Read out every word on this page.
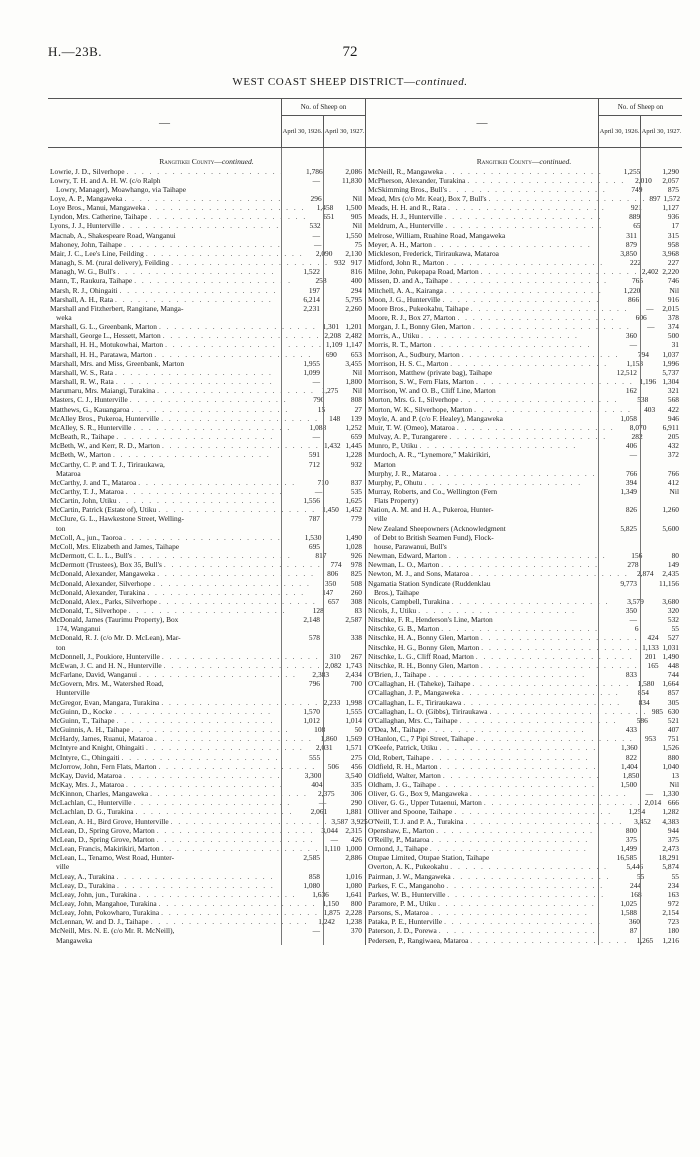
H.—23B.	72
WEST COAST SHEEP DISTRICT—continued.
—
No. of Sheep on
April 30, 1926. April 30, 1927.
Rangitikei County—continued.
Lowrie, J. D., Silverhope . . . . . . . . . . . . . . . . . . . . .	1,786	2,086
Lowry, T. H. and A. H. W. (c/o Ralph
Lowry, Manager), Moawhango, via Taihape
—	11,830
Loye, A. P., Mangaweka . . . . . . . . . . . . . . . . . . . . .	296	Nil
Loye Bros., Manui, Mangaweka . . . . . . . . . . . . . . . . . . . . .	1,458	1,500
Lyndon, Mrs. Catherine, Taihape . . . . . . . . . . . . . . . . . . . . .	651	905
Lyons, J. J., Hunterville . . . . . . . . . . . . . . . . . . . . .	532	Nil
Macnab, A., Shakespeare Road, Wanganui	—	1,550
Mahoney, John, Taihape . . . . . . . . . . . . . . . . . . . . .	—	75
Mair, J. C., Lee's Line, Feilding . . . . . . . . . . . . . . . . . . . . .	2,090	2,130
Managh, S. M. (rural delivery), Feilding . . . . . . . . . . . . . . . . . . . . . 932 917
Managh, W. G., Bull's . . . . . . . . . . . . . . . . . . . . .	1,522	816
Mann, T., Raukura, Taihape . . . . . . . . . . . . . . . . . . . . .	258	400
Marsh, R. J., Ohingaiti . . . . . . . . . . . . . . . . . . . . .	197	294
Marshall, A. H., Rata . . . . . . . . . . . . . . . . . . . . .	6,214	5,795
Marshall and Fitzherbert, Rangitane, Manga-
weka
2,231	2,260
Marshall, G. L., Greenbank, Marton . . . . . . . . . . . . . . . . . . . . . 1,301 1,201
Marshall, George L., Hessett, Marton . . . . . . . . . . . . . . . . . . . . . 2,208 2,482
Marshall, H. H., Motukowhai, Marton . . . . . . . . . . . . . . . . . . . . . 1,109 1,147
Marshall, H. H., Paratawa, Marton . . . . . . . . . . . . . . . . . . . . .	690	653
Marshall, Mrs. and Miss, Greenbank, Marton	1,955	3,455
Marshall, W. S., Rata . . . . . . . . . . . . . . . . . . . . .	1,099	Nil
Marshall, R. W., Rata . . . . . . . . . . . . . . . . . . . . .	—	1,800
Marumaru, Mrs. Maiangi, Turakina . . . . . . . . . . . . . . . . . . . . . 1,275	Nil
Masters, C. J., Hunterville . . . . . . . . . . . . . . . . . . . . .	790	808
Matthews, G., Kauangaroa . . . . . . . . . . . . . . . . . . . . .	15	27
McAlley Bros., Pukeroa, Hunterville . . . . . . . . . . . . . . . . . . . . .	148	139
McAlley, S. R., Hunterville . . . . . . . . . . . . . . . . . . . . .	1,088	1,252
McBeath, R., Taihape . . . . . . . . . . . . . . . . . . . . .	—	659
McBeth, W., and Kerr, R. D., Marton . . . . . . . . . . . . . . . . . . . . . 1,432 1,445
McBeth, W., Marton . . . . . . . . . . . . . . . . . . . . .	591	1,228
McCarthy, C. P. and T. J., Tiriraukawa,
Mataroa
712	932
McCarthy, J. and T., Mataroa . . . . . . . . . . . . . . . . . . . . .	710	837
McCarthy, T. J., Mataroa . . . . . . . . . . . . . . . . . . . . .	—	535
McCartin, John, Utiku . . . . . . . . . . . . . . . . . . . . .	1,556	1,625
McCartin, Patrick (Estate of), Utiku . . . . . . . . . . . . . . . . . . . . . 1,450 1,452
McClure, G. L., Hawkestone Street, Welling-
ton
787	779
McColl, A., jun., Taoroa . . . . . . . . . . . . . . . . . . . . .	1,530	1,490
McColl, Mrs. Elizabeth and James, Taihape	695	1,028
McDermott, C. L. L., Bull's . . . . . . . . . . . . . . . . . . . . .	817	926
McDermott (Trustees), Box 35, Bull's . . . . . . . . . . . . . . . . . . . . .	774	978
McDonald, Alexander, Mangaweka . . . . . . . . . . . . . . . . . . . . .	806	825
McDonald, Alexander, Silverhope . . . . . . . . . . . . . . . . . . . . .	350	508
McDonald, Alexander, Turakina . . . . . . . . . . . . . . . . . . . . .	147	260
McDonald, Alex., Parks, Silverhope . . . . . . . . . . . . . . . . . . . . .	657	308
McDonald, T., Silverhope . . . . . . . . . . . . . . . . . . . . .	128	83
McDonald, James (Taurimu Property), Box
174, Wanganui
2,148	2,587
McDonald, R. J. (c/o Mr. D. McLean), Mar-
ton
578	338
McDonnell, J., Poukiore, Hunterville . . . . . . . . . . . . . . . . . . . . .	310	267
McEwan, J. C. and H. N., Hunterville . . . . . . . . . . . . . . . . . . . . . 2,082 1,743
McFarlane, David, Wanganui . . . . . . . . . . . . . . . . . . . . .	2,383	2,434
McGovern, Mrs. M., Watershed Road,
Hunterville
796	700
McGregor, Evan, Mangara, Turakina . . . . . . . . . . . . . . . . . . . . . 2,233 1,998
McGuinn, D., Kocke . . . . . . . . . . . . . . . . . . . . .	1,570	1,555
McGuinn, T., Taihape . . . . . . . . . . . . . . . . . . . . .	1,012	1,014
McGuinnis, A. H., Taihape . . . . . . . . . . . . . . . . . . . . .	108	50
McHardy, James, Ruanui, Mataroa . . . . . . . . . . . . . . . . . . . . .	1,860	1,569
McIntyre and Knight, Ohingaiti . . . . . . . . . . . . . . . . . . . . .	2,031	1,571
McIntyre, C., Ohingaiti . . . . . . . . . . . . . . . . . . . . .	555	275
McJorrow, John, Fern Flats, Marton . . . . . . . . . . . . . . . . . . . . .	506	456
McKay, David, Mataroa . . . . . . . . . . . . . . . . . . . . .	3,300	3,540
McKay, Mrs. J., Mataroa . . . . . . . . . . . . . . . . . . . . .	404	335
McKinnon, Charles, Mangaweka . . . . . . . . . . . . . . . . . . . . .	2,375	306
McLachlan, C., Hunterville . . . . . . . . . . . . . . . . . . . . .	—	290
McLachlan, D. G., Turakina . . . . . . . . . . . . . . . . . . . . .	2,061	1,881
McLean, A. H., Bird Grove, Hunterville . . . . . . . . . . . . . . . . . . . . . 3,587 3,925
McLean, D., Spring Grove, Marton . . . . . . . . . . . . . . . . . . . . . 3,044	2,315
McLean, D., Spring Grove, Marton . . . . . . . . . . . . . . . . . . . . .	—	426
McLean, Francis, Makirikiri, Marton . . . . . . . . . . . . . . . . . . . . . 1,110 1,000
McLean, L., Tenamo, West Road, Hunter-
ville
2,585	2,886
McLeay, A., Turakina . . . . . . . . . . . . . . . . . . . . .	858	1,016
McLeay, D., Turakina . . . . . . . . . . . . . . . . . . . . .	1,080	1,080
McLeay, John, jun., Turakina . . . . . . . . . . . . . . . . . . . . .	1,636	1,641
McLeay, John, Mangahoe, Turakina . . . . . . . . . . . . . . . . . . . . . 1,150	800
McLeay, John, Pokowharo, Turakina . . . . . . . . . . . . . . . . . . . . . 1,875 2,228
McLennan, W. and D. J., Taihape . . . . . . . . . . . . . . . . . . . . .	1,242	1,238
McNeill, Mrs. N. E. (c/o Mr. R. McNeill),
Mangaweka
—	370
—
No. of Sheep on
April 30, 1926. April 30, 1927.
Rangitikei County—continued.
McNeill, R., Mangaweka . . . . . . . . . . . . . . . . . . . . .	1,255	1,290
McPherson, Alexander, Turakina . . . . . . . . . . . . . . . . . . . . .	2,010	2,057
McSkimming Bros., Bull's . . . . . . . . . . . . . . . . . . . . .	749	875
Mead, Mrs (c/o Mr. Keat), Box 7, Bull's . . . . . . . . . . . . . . . . . . . . . 897 1,572
Meads, H. H. and R., Rata . . . . . . . . . . . . . . . . . . . . .	921	1,127
Meads, H. J., Hunterville . . . . . . . . . . . . . . . . . . . . .	889	936
Meldrum, A., Hunterville . . . . . . . . . . . . . . . . . . . . .	65	17
Melrose, William, Ruahine Road, Mangaweka	311	315
Meyer, A. H., Marton . . . . . . . . . . . . . . . . . . . . .	879	958
Mickleson, Frederick, Tiriraukawa, Mataroa	3,850	3,968
Midford, John R., Marton . . . . . . . . . . . . . . . . . . . . .	222	227
Milne, John, Pukepapa Road, Marton . . . . . . . . . . . . . . . . . . . . . 2,402 2,220
Missen, D. and A., Taihape . . . . . . . . . . . . . . . . . . . . .	765	746
Mitchell, A. A., Kairanga . . . . . . . . . . . . . . . . . . . . .	1,220	Nil
Moon, J. G., Hunterville . . . . . . . . . . . . . . . . . . . . .	866	916
Moore Bros., Pukeokahu, Taihape . . . . . . . . . . . . . . . . . . . . .	—	2,015
Moore, R. J., Box 27, Marton . . . . . . . . . . . . . . . . . . . . .	606	378
Morgan, J. I., Bonny Glen, Marton . . . . . . . . . . . . . . . . . . . . .	—	374
Morris, A., Utiku . . . . . . . . . . . . . . . . . . . . .	360	500
Morris, R. T., Marton . . . . . . . . . . . . . . . . . . . . .	—	31
Morrison, A., Sudbury, Marton . . . . . . . . . . . . . . . . . . . . .	794	1,037
Morrison, H. S. C., Marton . . . . . . . . . . . . . . . . . . . . .	1,153	1,996
Morrison, Matthew (private bag), Taihape	12,512	5,737
Morrison, S. W., Fern Flats, Marton . . . . . . . . . . . . . . . . . . . . . 1,196 1,304
Morrison, W. and O. B., Cliff Line, Marton	162	321
Morton, Mrs. G. I., Silverhope . . . . . . . . . . . . . . . . . . . . .	538	568
Morton, W. K., Silverhope, Marton . . . . . . . . . . . . . . . . . . . . .	403	422
Moyle, A. and P. (c/o F. Healey), Mangaweka	1,058	946
Muir, T. W. (Omeo), Mataroa . . . . . . . . . . . . . . . . . . . . .	8,070	6,911
Mulvay, A. P., Turangarere . . . . . . . . . . . . . . . . . . . . .	282	205
Munro, P., Utiku . . . . . . . . . . . . . . . . . . . . .	406	432
Murdoch, A. R., “Lynemore,” Makirikiri,
Marton
—	372
Murphy, J. R., Mataroa . . . . . . . . . . . . . . . . . . . . .	766	766
Murphy, P., Ohutu . . . . . . . . . . . . . . . . . . . . .	394	412
Murray, Roberts, and Co., Wellington (Fern
Flats Property)
1,349	Nil
Nation, A. M. and H. A., Pukeroa, Hunter-
ville
826	1,260
New Zealand Sheepowners (Acknowledgment
of Debt to British Seamen Fund), Flock-
house, Parawanui, Bull's
5,825	5,600
Newman, Edward, Marton . . . . . . . . . . . . . . . . . . . . .	156	80
Newman, L. O., Marton . . . . . . . . . . . . . . . . . . . . .	278	149
Newton, M. J., and Sons, Mataroa . . . . . . . . . . . . . . . . . . . . .	2,874	2,435
Ngamatia Station Syndicate (Ruddenklau
Bros.), Taihape
9,773	11,156
Nicols, Campbell, Turakina . . . . . . . . . . . . . . . . . . . . .	3,579	3,680
Nicols, J., Utiku . . . . . . . . . . . . . . . . . . . . .	350	320
Nitschke, F. R., Henderson's Line, Marton	—	532
Nitschke, G. B., Marton . . . . . . . . . . . . . . . . . . . . .	6	55
Nitschke, H. A., Bonny Glen, Marton . . . . . . . . . . . . . . . . . . . . .	424	527
Nitschke, H. G., Bonny Glen, Marton . . . . . . . . . . . . . . . . . . . . . 1,133 1,031
Nitschke, L. G., Cliff Road, Marton . . . . . . . . . . . . . . . . . . . . .	201 1,490
Nitschke, R. H., Bonny Glen, Marton . . . . . . . . . . . . . . . . . . . . .	165	448
O'Brien, J., Taihape . . . . . . . . . . . . . . . . . . . . .	833	744
O'Callaghan, H. (Taheke), Taihape . . . . . . . . . . . . . . . . . . . . .	1,580	1,664
O'Callaghan, J. P., Mangaweka . . . . . . . . . . . . . . . . . . . . .	854	857
O'Callaghan, L. F., Tiriraukawa . . . . . . . . . . . . . . . . . . . . .	834	305
O'Callaghan, L. O. (Gibbs), Tiriraukawa . . . . . . . . . . . . . . . . . . . . . 985 630
O'Callaghan, Mrs. C., Taihape . . . . . . . . . . . . . . . . . . . . .	586	521
O'Dea, M., Taihape . . . . . . . . . . . . . . . . . . . . .	433	407
O'Hanlon, C., 7 Pipi Street, Taihape . . . . . . . . . . . . . . . . . . . . .	953	751
O'Keefe, Patrick, Utiku . . . . . . . . . . . . . . . . . . . . .	1,360	1,526
Old, Robert, Taihape . . . . . . . . . . . . . . . . . . . . .	822	880
Oldfield, R. H., Marton . . . . . . . . . . . . . . . . . . . . .	1,404	1,040
Oldfield, Walter, Marton . . . . . . . . . . . . . . . . . . . . .	1,850	13
Oldham, J. G., Taihape . . . . . . . . . . . . . . . . . . . . .	1,500	Nil
Oliver, G. G., Box 9, Mangaweka . . . . . . . . . . . . . . . . . . . . .	—	1,330
Oliver, G. G., Upper Tutaenui, Marton . . . . . . . . . . . . . . . . . . . . . 2,014 666
Olliver and Spoone, Taihape . . . . . . . . . . . . . . . . . . . . .	1,254	1,282
O'Neill, T. J. and P. A., Turakina . . . . . . . . . . . . . . . . . . . . .	3,452	4,383
Openshaw, E., Marton . . . . . . . . . . . . . . . . . . . . .	800	944
O'Reilly, P., Mataroa . . . . . . . . . . . . . . . . . . . . .	375	375
Ormond, J., Taihape . . . . . . . . . . . . . . . . . . . . .	1,499	2,473
Otupae Limited, Otupae Station, Taihape	16,585	18,291
Overton, A. K., Pukeokahu . . . . . . . . . . . . . . . . . . . . .	5,446	5,874
Pairman, J. W., Mangaweka . . . . . . . . . . . . . . . . . . . . .	55	55
Parkes, F. C., Manganoho . . . . . . . . . . . . . . . . . . . . .	244	234
Parkes, W. B., Hunterville . . . . . . . . . . . . . . . . . . . . .	168	163
Paramore, P. M., Utiku . . . . . . . . . . . . . . . . . . . . .	1,025	972
Parsons, S., Mataroa . . . . . . . . . . . . . . . . . . . . .	1,588	2,154
Pataka, P. E., Hunterville . . . . . . . . . . . . . . . . . . . . .	360	723
Paterson, J. D., Porewa . . . . . . . . . . . . . . . . . . . . .	87	180
Pedersen, P., Rangiwaea, Mataroa . . . . . . . . . . . . . . . . . . . . .	1,265	1,216
